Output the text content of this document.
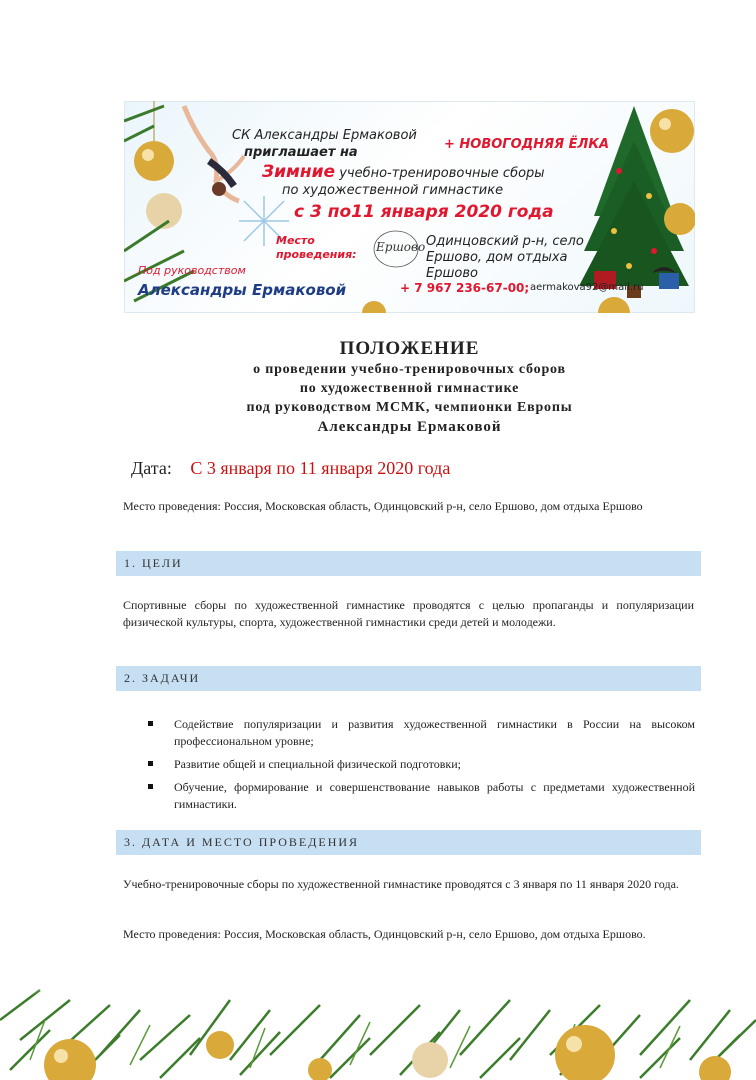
СК Александры Ермаковой
приглашает на
+ НОВОГОДНЯЯ ЁЛКА
Зимние учебно-тренировочные сборы
по художественной гимнастике
с 3 по11 января 2020 года
Место проведения:
Ершово Одинцовский р-н, село Ершово, дом отдыха Ершово
Под руководством
Александры Ермаковой	+ 7 967 236-67-00; aermakova92@mail.ru
ПОЛОЖЕНИЕ
о проведении учебно-тренировочных сборов
по художественной гимнастике
под руководством МСМК, чемпионки Европы
Александры Ермаковой
Дата: С 3 января по 11 января 2020 года
Место проведения: Россия, Московская область, Одинцовский р-н, село Ершово, дом отдыха Ершово
1. ЦЕЛИ
Спортивные сборы по художественной гимнастике проводятся с целью пропаганды и популяризации физической культуры, спорта, художественной гимнастики среди детей и молодежи.
2. ЗАДАЧИ
Содействие популяризации и развития художественной гимнастики в России на высоком профессиональном уровне;
Развитие общей и специальной физической подготовки;
Обучение, формирование и совершенствование навыков работы с предметами художественной гимнастики.
3. ДАТА И МЕСТО ПРОВЕДЕНИЯ
Учебно-тренировочные сборы по художественной гимнастике проводятся с 3 января по 11 января 2020 года.
Место проведения: Россия, Московская область, Одинцовский р-н, село Ершово, дом отдыха Ершово.
